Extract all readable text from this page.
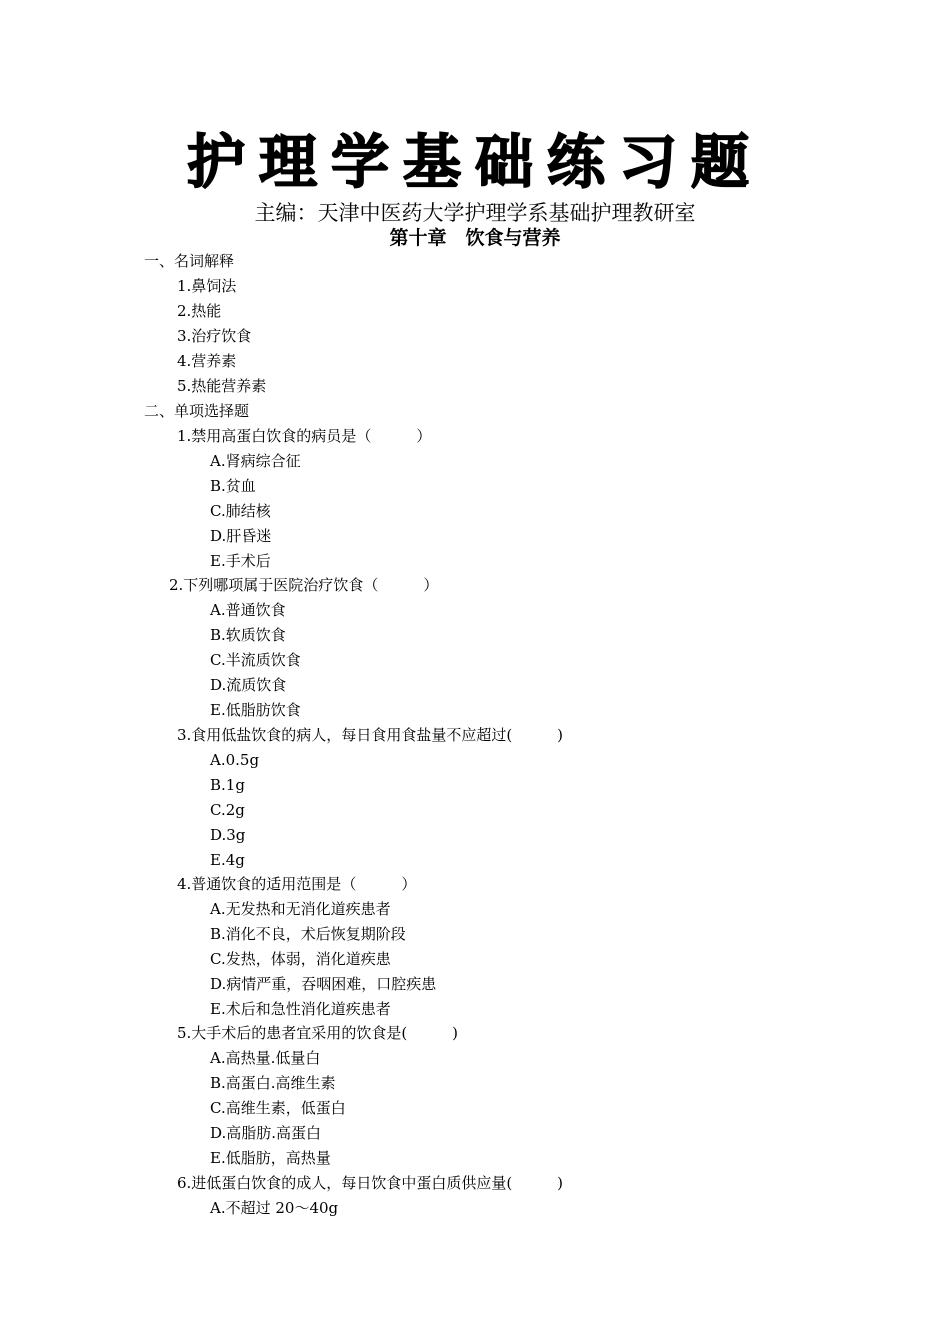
护理学基础练习题
主编：天津中医药大学护理学系基础护理教研室
第十章　饮食与营养
一、名词解释
1.鼻饲法
2.热能
3.治疗饮食
4.营养素
5.热能营养素
二、单项选择题
1.禁用高蛋白饮食的病员是（　　　）
A.肾病综合征
B.贫血
C.肺结核
D.肝昏迷
E.手术后
2.下列哪项属于医院治疗饮食（　　　）
A.普通饮食
B.软质饮食
C.半流质饮食
D.流质饮食
E.低脂肪饮食
3.食用低盐饮食的病人，每日食用食盐量不应超过(　　　)
A.0.5g
B.1g
C.2g
D.3g
E.4g
4.普通饮食的适用范围是（　　　）
A.无发热和无消化道疾患者
B.消化不良，术后恢复期阶段
C.发热，体弱，消化道疾患
D.病情严重，吞咽困难，口腔疾患
E.术后和急性消化道疾患者
5.大手术后的患者宜采用的饮食是(　　　)
A.高热量.低量白
B.高蛋白.高维生素
C.高维生素，低蛋白
D.高脂肪.高蛋白
E.低脂肪，高热量
6.进低蛋白饮食的成人，每日饮食中蛋白质供应量(　　　)
A.不超过 20～40g
